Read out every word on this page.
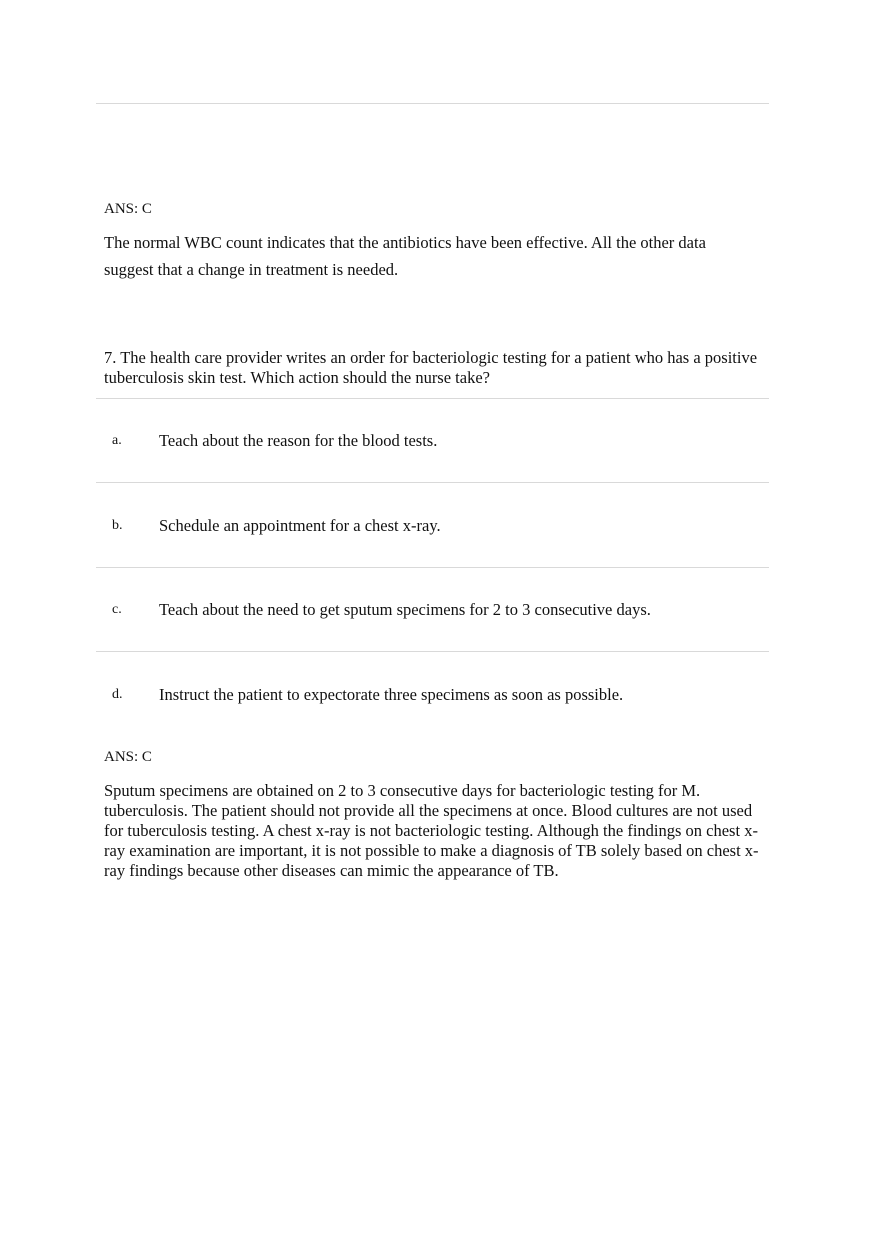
ANS: C

The normal WBC count indicates that the antibiotics have been effective. All the other data suggest that a change in treatment is needed.

7. The health care provider writes an order for bacteriologic testing for a patient who has a positive tuberculosis skin test. Which action should the nurse take?

a. Teach about the reason for the blood tests.
b. Schedule an appointment for a chest x-ray.
c. Teach about the need to get sputum specimens for 2 to 3 consecutive days.
d. Instruct the patient to expectorate three specimens as soon as possible.

ANS: C

Sputum specimens are obtained on 2 to 3 consecutive days for bacteriologic testing for M. tuberculosis. The patient should not provide all the specimens at once. Blood cultures are not used for tuberculosis testing. A chest x-ray is not bacteriologic testing. Although the findings on chest x-ray examination are important, it is not possible to make a diagnosis of TB solely based on chest x-ray findings because other diseases can mimic the appearance of TB.
